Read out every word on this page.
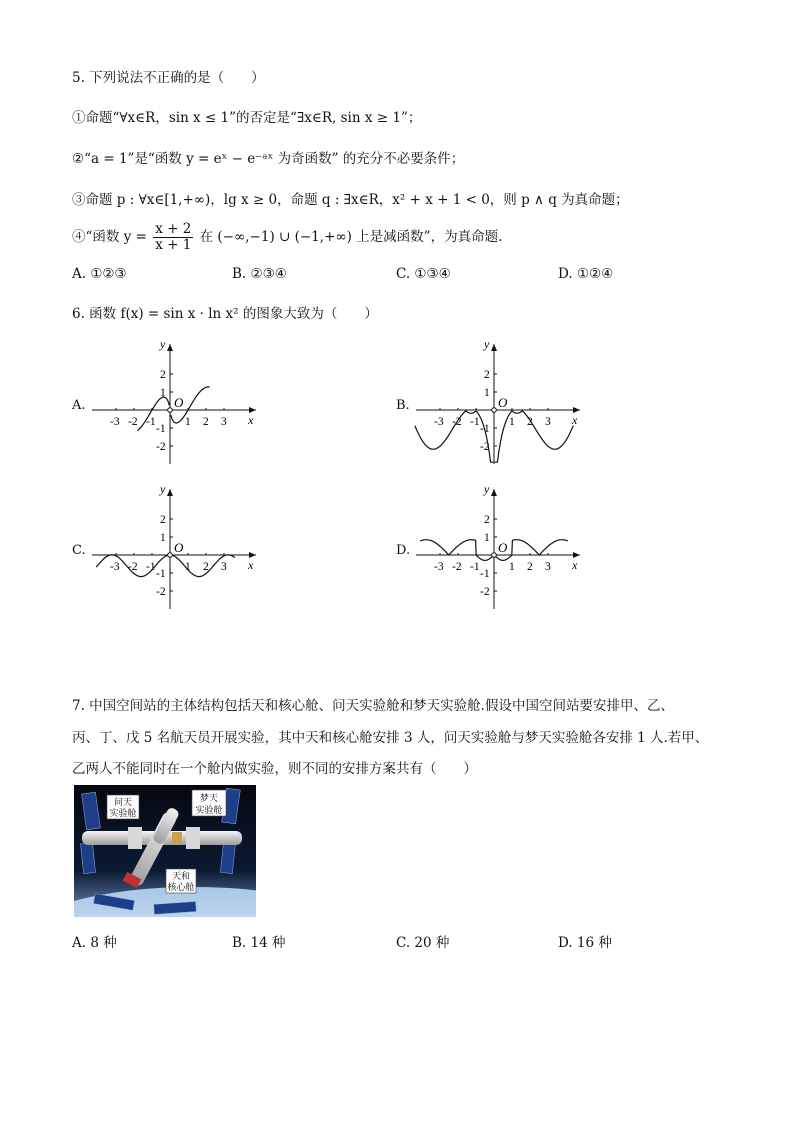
5. 下列说法不正确的是（　　）
①命题“∀x∈R，sin x ≤ 1”的否定是“∃x∈R, sin x ≥ 1”；
②“a = 1”是“函数 y = eˣ − e⁻ᵃˣ 为奇函数” 的充分不必要条件；
③命题 p : ∀x∈[1,+∞)，lg x ≥ 0，命题 q : ∃x∈R，x² + x + 1 < 0，则 p ∧ q 为真命题；
④“函数 $y = \frac{x + 2}{x + 1}$ 在 (−∞,−1) ∪ (−1,+∞) 上是减函数”，为真命题.
A. ①②③	B. ②③④	C. ①③④	D. ①②④
6. 函数 f(x) = sin x · ln x² 的图象大致为（　　）
A.	B.
C.	D.
y
x
O
-3 -2 -1	1 2 3
2
1
-1
-2
y
x
O
-3 -2 -1	1 2 3
2
1
-1
-2
y
x
O
-3 -2 -1	1 2 3
2
1
-1
-2
y
x
O
-3 -2 -1	1 2 3
2
1
-1
-2
7. 中国空间站的主体结构包括天和核心舱、问天实验舱和梦天实验舱.假设中国空间站要安排甲、乙、
丙、丁、戊 5 名航天员开展实验，其中天和核心舱安排 3 人，问天实验舱与梦天实验舱各安排 1 人.若甲、
乙两人不能同时在一个舱内做实验，则不同的安排方案共有（　　）
问天
实验舱
梦天
实验舱
天和
核心舱
A. 8 种	B. 14 种	C. 20 种	D. 16 种
